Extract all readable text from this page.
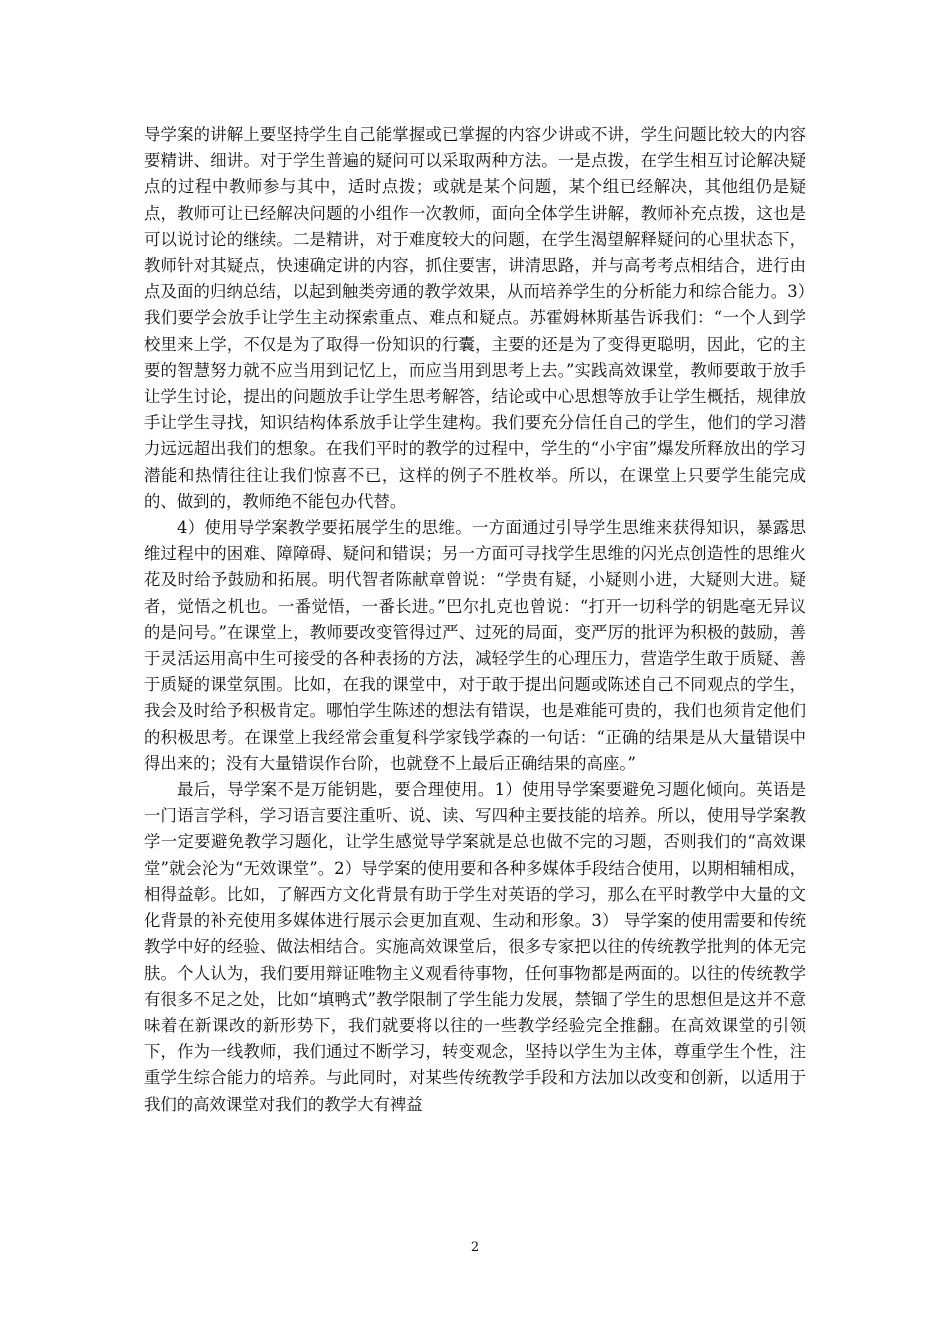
导学案的讲解上要坚持学生自己能掌握或已掌握的内容少讲或不讲，学生问题比较大的内容要精讲、细讲。对于学生普遍的疑问可以采取两种方法。一是点拨，在学生相互讨论解决疑点的过程中教师参与其中，适时点拨；或就是某个问题，某个组已经解决，其他组仍是疑点，教师可让已经解决问题的小组作一次教师，面向全体学生讲解，教师补充点拨，这也是可以说讨论的继续。二是精讲，对于难度较大的问题，在学生渴望解释疑问的心里状态下，教师针对其疑点，快速确定讲的内容，抓住要害，讲清思路，并与高考考点相结合，进行由点及面的归纳总结，以起到触类旁通的教学效果，从而培养学生的分析能力和综合能力。3）我们要学会放手让学生主动探索重点、难点和疑点。苏霍姆林斯基告诉我们：“一个人到学校里来上学，不仅是为了取得一份知识的行囊，主要的还是为了变得更聪明，因此，它的主要的智慧努力就不应当用到记忆上，而应当用到思考上去。”实践高效课堂，教师要敢于放手让学生讨论，提出的问题放手让学生思考解答，结论或中心思想等放手让学生概括，规律放手让学生寻找，知识结构体系放手让学生建构。我们要充分信任自己的学生，他们的学习潜力远远超出我们的想象。在我们平时的教学的过程中，学生的“小宇宙”爆发所释放出的学习潜能和热情往往让我们惊喜不已，这样的例子不胜枚举。所以，在课堂上只要学生能完成的、做到的，教师绝不能包办代替。

4）使用导学案教学要拓展学生的思维。一方面通过引导学生思维来获得知识，暴露思维过程中的困难、障障碍、疑问和错误；另一方面可寻找学生思维的闪光点创造性的思维火花及时给予鼓励和拓展。明代智者陈献章曾说：“学贵有疑，小疑则小进，大疑则大进。疑者，觉悟之机也。一番觉悟，一番长进。”巴尔扎克也曾说：“打开一切科学的钥匙毫无异议的是问号。”在课堂上，教师要改变管得过严、过死的局面，变严厉的批评为积极的鼓励，善于灵活运用高中生可接受的各种表扬的方法，减轻学生的心理压力，营造学生敢于质疑、善于质疑的课堂氛围。比如，在我的课堂中，对于敢于提出问题或陈述自己不同观点的学生，我会及时给予积极肯定。哪怕学生陈述的想法有错误，也是难能可贵的，我们也须肯定他们的积极思考。在课堂上我经常会重复科学家钱学森的一句话：“正确的结果是从大量错误中得出来的；没有大量错误作台阶，也就登不上最后正确结果的高座。”

最后，导学案不是万能钥匙，要合理使用。1）使用导学案要避免习题化倾向。英语是一门语言学科，学习语言要注重听、说、读、写四种主要技能的培养。所以，使用导学案教学一定要避免教学习题化，让学生感觉导学案就是总也做不完的习题，否则我们的“高效课堂”就会沦为“无效课堂”。2）导学案的使用要和各种多媒体手段结合使用，以期相辅相成，相得益彰。比如，了解西方文化背景有助于学生对英语的学习，那么在平时教学中大量的文化背景的补充使用多媒体进行展示会更加直观、生动和形象。3） 导学案的使用需要和传统教学中好的经验、做法相结合。实施高效课堂后，很多专家把以往的传统教学批判的体无完肤。个人认为，我们要用辩证唯物主义观看待事物，任何事物都是两面的。以往的传统教学有很多不足之处，比如“填鸭式”教学限制了学生能力发展，禁锢了学生的思想但是这并不意味着在新课改的新形势下，我们就要将以往的一些教学经验完全推翻。在高效课堂的引领下，作为一线教师，我们通过不断学习，转变观念，坚持以学生为主体，尊重学生个性，注重学生综合能力的培养。与此同时，对某些传统教学手段和方法加以改变和创新，以适用于我们的高效课堂对我们的教学大有裨益

2
